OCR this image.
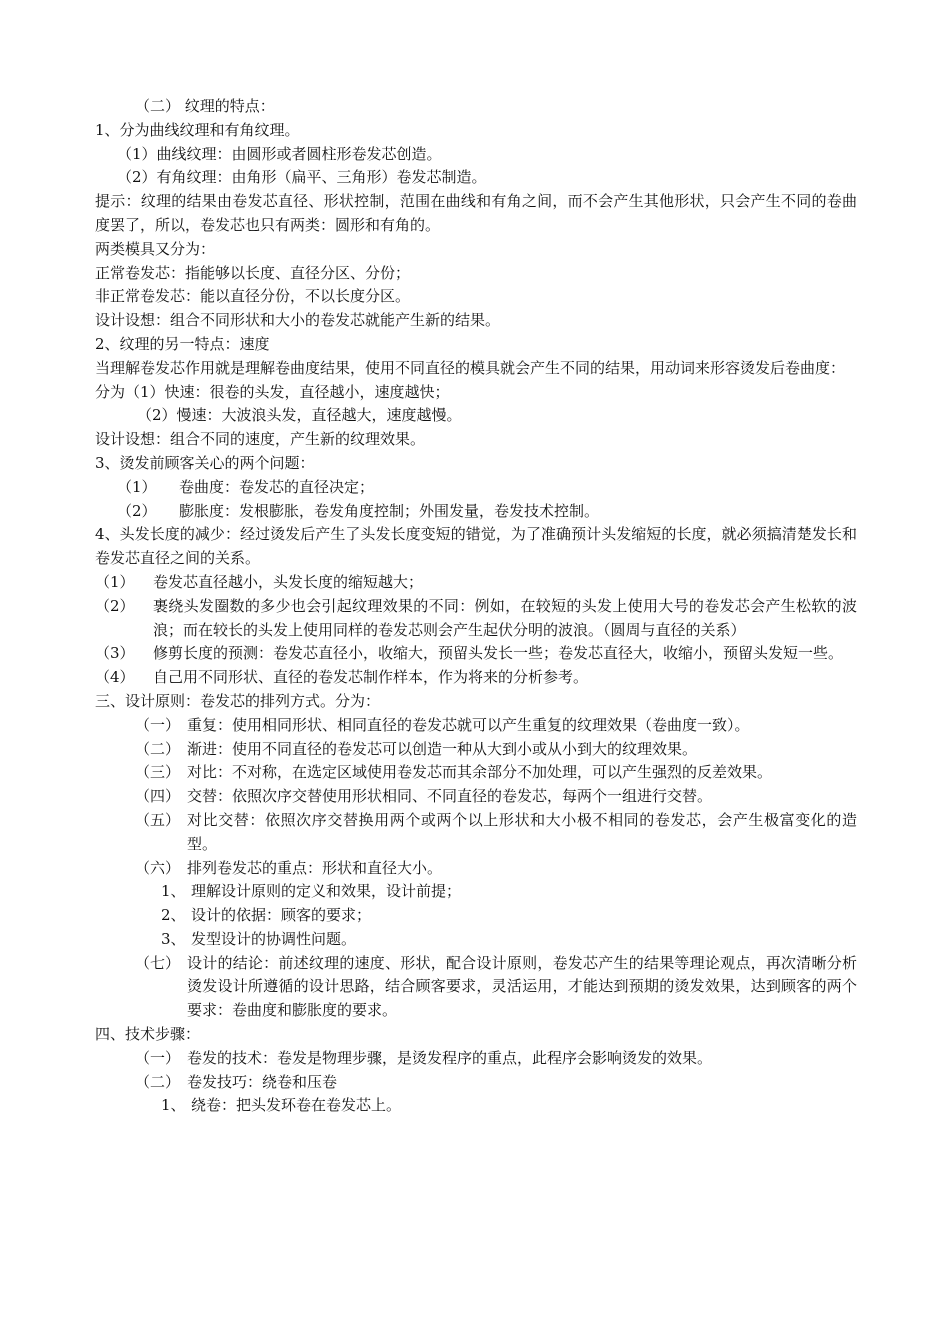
（二） 纹理的特点：
1、分为曲线纹理和有角纹理。
（1）曲线纹理：由圆形或者圆柱形卷发芯创造。
（2）有角纹理：由角形（扁平、三角形）卷发芯制造。
提示：纹理的结果由卷发芯直径、形状控制，范围在曲线和有角之间，而不会产生其他形状，只会产生不同的卷曲度罢了，所以，卷发芯也只有两类：圆形和有角的。
两类模具又分为：
正常卷发芯：指能够以长度、直径分区、分份；
非正常卷发芯：能以直径分份，不以长度分区。
设计设想：组合不同形状和大小的卷发芯就能产生新的结果。
2、纹理的另一特点：速度
当理解卷发芯作用就是理解卷曲度结果，使用不同直径的模具就会产生不同的结果，用动词来形容烫发后卷曲度：
分为（1）快速：很卷的头发，直径越小，速度越快；
（2）慢速：大波浪头发，直径越大，速度越慢。
设计设想：组合不同的速度，产生新的纹理效果。
3、烫发前顾客关心的两个问题：
（1）	卷曲度：卷发芯的直径决定；
（2）	膨胀度：发根膨胀，卷发角度控制；外围发量，卷发技术控制。
4、头发长度的减少：经过烫发后产生了头发长度变短的错觉，为了准确预计头发缩短的长度，就必须搞清楚发长和卷发芯直径之间的关系。
（1）	卷发芯直径越小，头发长度的缩短越大；
（2）	裹绕头发圈数的多少也会引起纹理效果的不同：例如，在较短的头发上使用大号的卷发芯会产生松软的波浪；而在较长的头发上使用同样的卷发芯则会产生起伏分明的波浪。（圆周与直径的关系）
（3）	修剪长度的预测：卷发芯直径小，收缩大，预留头发长一些；卷发芯直径大，收缩小，预留头发短一些。
（4）	自己用不同形状、直径的卷发芯制作样本，作为将来的分析参考。
三、设计原则：卷发芯的排列方式。分为：
（一） 重复：使用相同形状、相同直径的卷发芯就可以产生重复的纹理效果（卷曲度一致）。
（二） 渐进：使用不同直径的卷发芯可以创造一种从大到小或从小到大的纹理效果。
（三） 对比：不对称，在选定区域使用卷发芯而其余部分不加处理，可以产生强烈的反差效果。
（四） 交替：依照次序交替使用形状相同、不同直径的卷发芯，每两个一组进行交替。
（五） 对比交替：依照次序交替换用两个或两个以上形状和大小极不相同的卷发芯，会产生极富变化的造型。
（六） 排列卷发芯的重点：形状和直径大小。
1、 理解设计原则的定义和效果，设计前提；
2、 设计的依据：顾客的要求；
3、 发型设计的协调性问题。
（七） 设计的结论：前述纹理的速度、形状，配合设计原则，卷发芯产生的结果等理论观点，再次清晰分析烫发设计所遵循的设计思路，结合顾客要求，灵活运用，才能达到预期的烫发效果，达到顾客的两个要求：卷曲度和膨胀度的要求。
四、技术步骤：
（一） 卷发的技术：卷发是物理步骤，是烫发程序的重点，此程序会影响烫发的效果。
（二） 卷发技巧：绕卷和压卷
1、 绕卷：把头发环卷在卷发芯上。
